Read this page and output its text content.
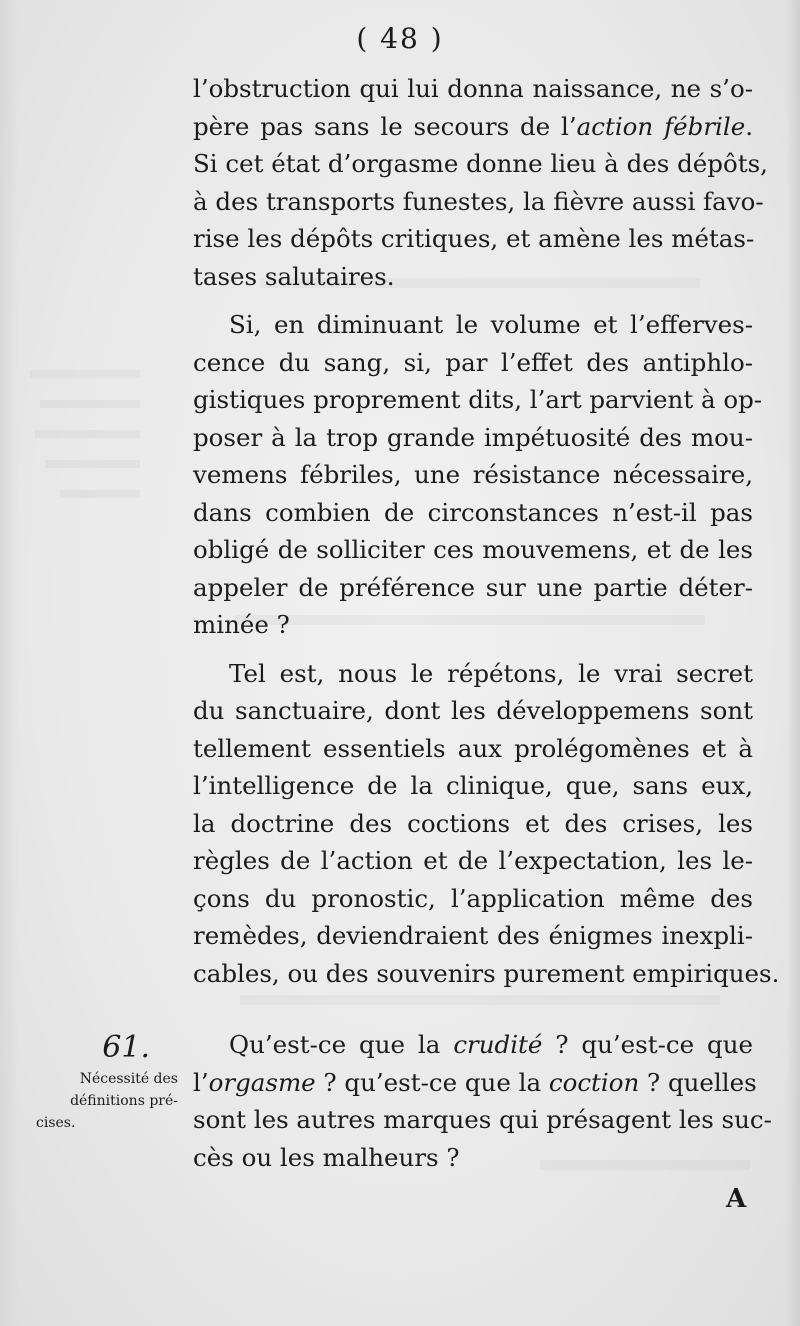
( 48 )
l’obstruction qui lui donna naissance, ne s’o-
père pas sans le secours de l’action fébrile.
Si cet état d’orgasme donne lieu à des dépôts,
à des transports funestes, la fièvre aussi favo-
rise les dépôts critiques, et amène les métas-
tases salutaires.
Si, en diminuant le volume et l’efferves-
cence du sang, si, par l’effet des antiphlo-
gistiques proprement dits, l’art parvient à op-
poser à la trop grande impétuosité des mou-
vemens fébriles, une résistance nécessaire,
dans combien de circonstances n’est-il pas
obligé de solliciter ces mouvemens, et de les
appeler de préférence sur une partie déter-
minée ?
Tel est, nous le répétons, le vrai secret
du sanctuaire, dont les développemens sont
tellement essentiels aux prolégomènes et à
l’intelligence de la clinique, que, sans eux,
la doctrine des coctions et des crises, les
règles de l’action et de l’expectation, les le-
çons du pronostic, l’application même des
remèdes, deviendraient des énigmes inexpli-
cables, ou des souvenirs purement empiriques.
Qu’est-ce que la crudité ? qu’est-ce que
l’orgasme ? qu’est-ce que la coction ? quelles
sont les autres marques qui présagent les suc-
cès ou les malheurs ?
61.
Nécessité des
définitions pré-
cises.
A
